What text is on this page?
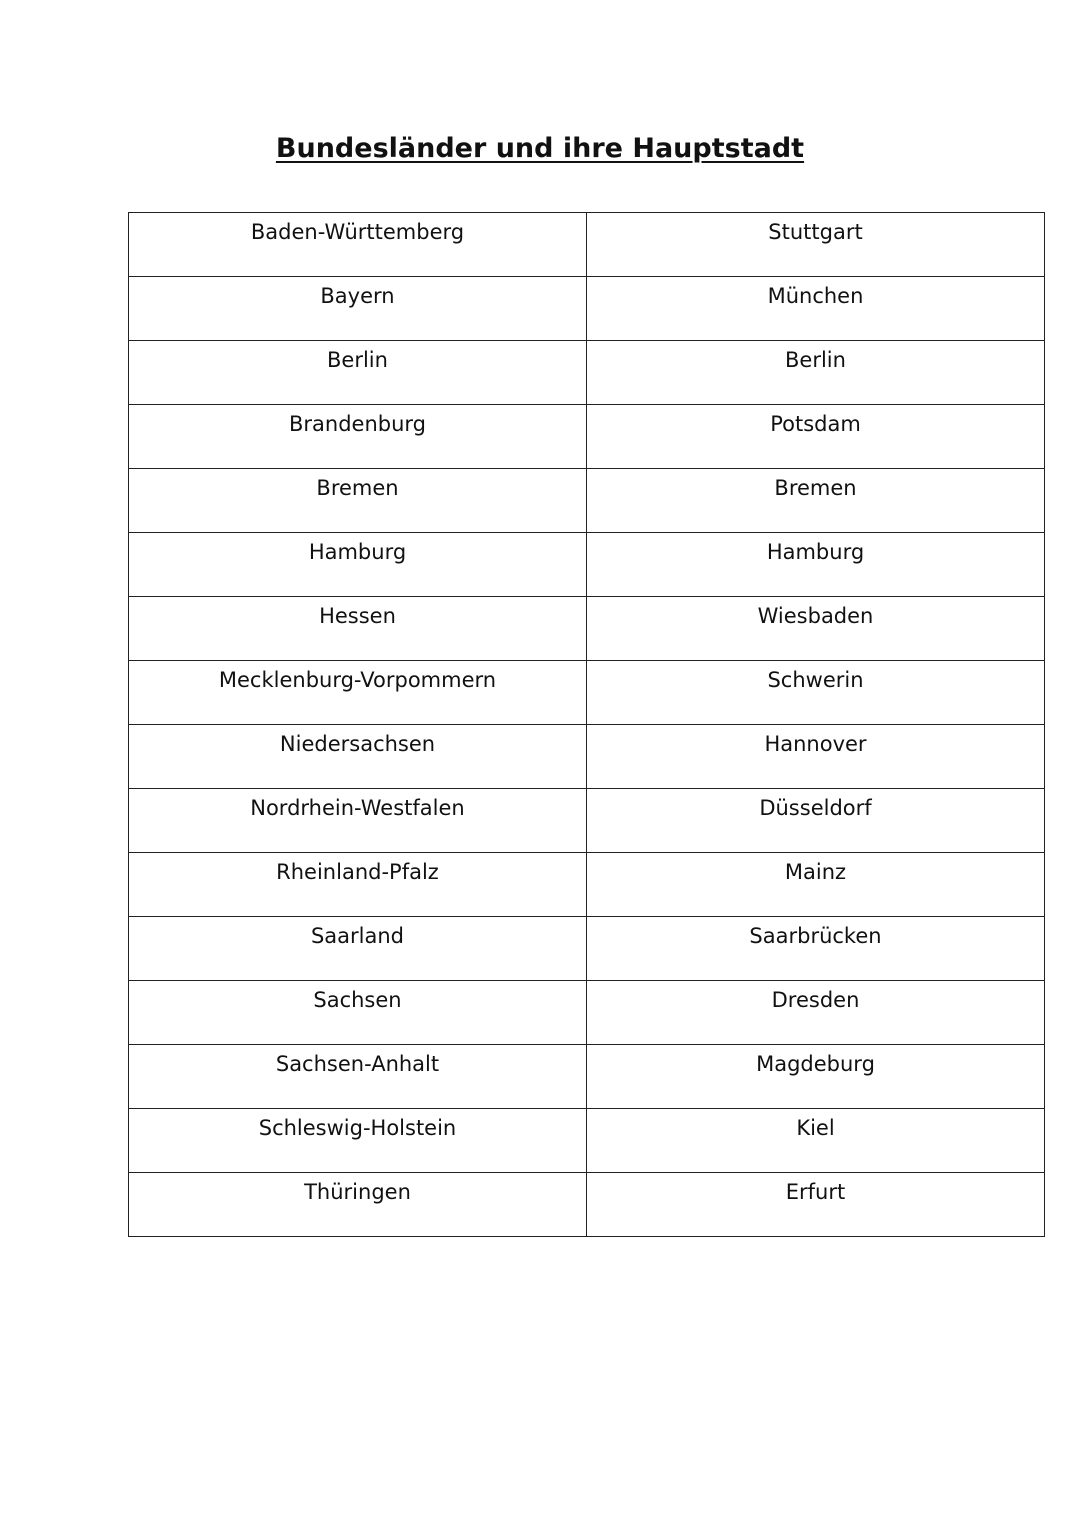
Bundesländer und ihre Hauptstadt
Baden-Württemberg	Stuttgart
Bayern	München
Berlin	Berlin
Brandenburg	Potsdam
Bremen	Bremen
Hamburg	Hamburg
Hessen	Wiesbaden
Mecklenburg-Vorpommern	Schwerin
Niedersachsen	Hannover
Nordrhein-Westfalen	Düsseldorf
Rheinland-Pfalz	Mainz
Saarland	Saarbrücken
Sachsen	Dresden
Sachsen-Anhalt	Magdeburg
Schleswig-Holstein	Kiel
Thüringen	Erfurt
